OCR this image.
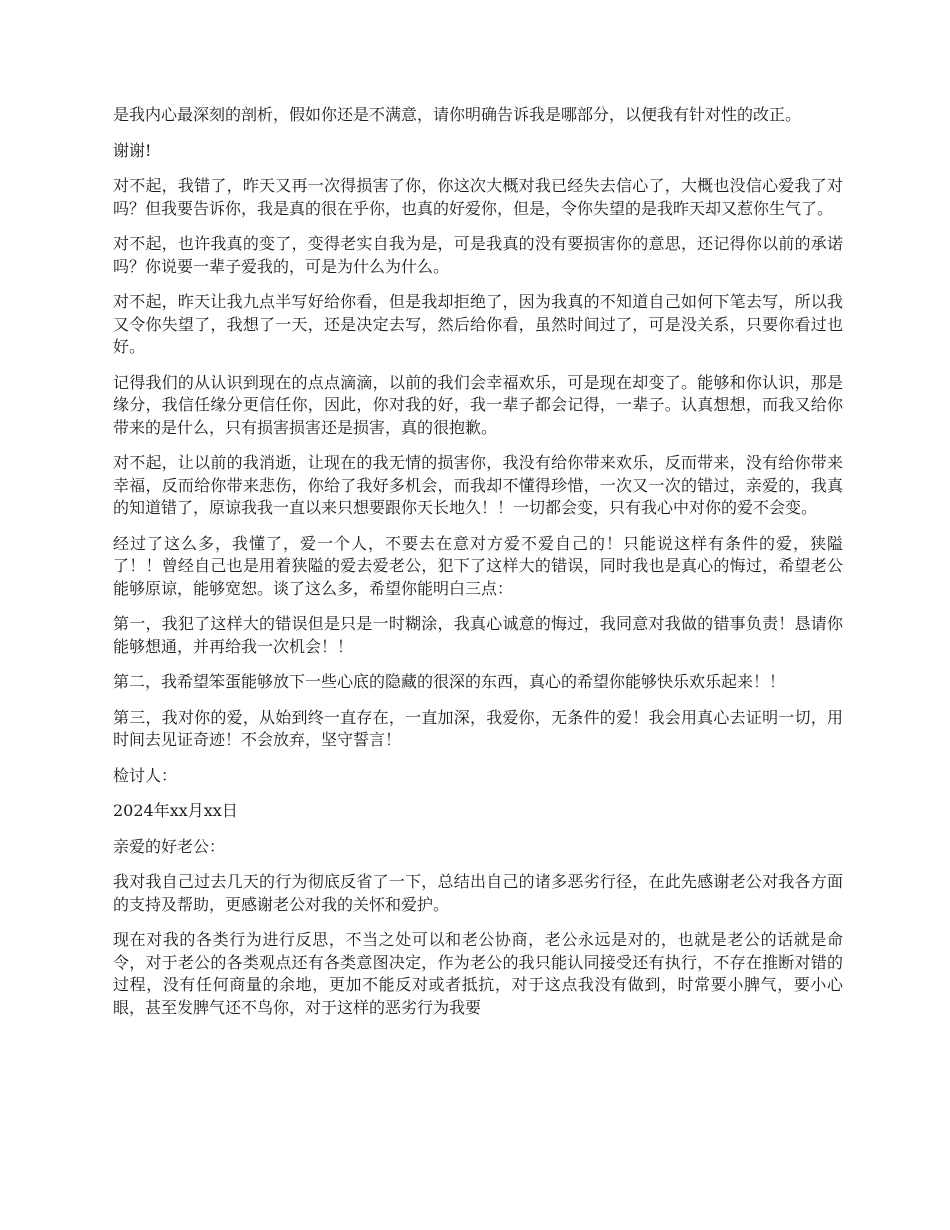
是我内心最深刻的剖析，假如你还是不满意，请你明确告诉我是哪部分，以便我有针对性的改正。

谢谢!

对不起，我错了，昨天又再一次得损害了你，你这次大概对我已经失去信心了，大概也没信心爱我了对吗？但我要告诉你，我是真的很在乎你，也真的好爱你，但是，令你失望的是我昨天却又惹你生气了。

对不起，也许我真的变了，变得老实自我为是，可是我真的没有要损害你的意思，还记得你以前的承诺吗？你说要一辈子爱我的，可是为什么为什么。

对不起，昨天让我九点半写好给你看，但是我却拒绝了，因为我真的不知道自己如何下笔去写，所以我又令你失望了，我想了一天，还是决定去写，然后给你看，虽然时间过了，可是没关系，只要你看过也好。

记得我们的从认识到现在的点点滴滴，以前的我们会幸福欢乐，可是现在却变了。能够和你认识，那是缘分，我信任缘分更信任你，因此，你对我的好，我一辈子都会记得，一辈子。认真想想，而我又给你带来的是什么，只有损害损害还是损害，真的很抱歉。

对不起，让以前的我消逝，让现在的我无情的损害你，我没有给你带来欢乐，反而带来，没有给你带来幸福，反而给你带来悲伤，你给了我好多机会，而我却不懂得珍惜，一次又一次的错过，亲爱的，我真的知道错了，原谅我我一直以来只想要跟你天长地久！！一切都会变，只有我心中对你的爱不会变。

经过了这么多，我懂了，爱一个人，不要去在意对方爱不爱自己的！只能说这样有条件的爱，狭隘了！！曾经自己也是用着狭隘的爱去爱老公，犯下了这样大的错误，同时我也是真心的悔过，希望老公能够原谅，能够宽恕。谈了这么多，希望你能明白三点：

第一，我犯了这样大的错误但是只是一时糊涂，我真心诚意的悔过，我同意对我做的错事负责！恳请你能够想通，并再给我一次机会！！

第二，我希望笨蛋能够放下一些心底的隐藏的很深的东西，真心的希望你能够快乐欢乐起来！！

第三，我对你的爱，从始到终一直存在，一直加深，我爱你，无条件的爱！我会用真心去证明一切，用时间去见证奇迹！不会放弃，坚守誓言！

检讨人：

2024年xx月xx日

亲爱的好老公：

我对我自己过去几天的行为彻底反省了一下，总结出自己的诸多恶劣行径，在此先感谢老公对我各方面的支持及帮助，更感谢老公对我的关怀和爱护。

现在对我的各类行为进行反思，不当之处可以和老公协商，老公永远是对的，也就是老公的话就是命令，对于老公的各类观点还有各类意图决定，作为老公的我只能认同接受还有执行，不存在推断对错的过程，没有任何商量的余地，更加不能反对或者抵抗，对于这点我没有做到，时常要小脾气，要小心眼，甚至发脾气还不鸟你，对于这样的恶劣行为我要
